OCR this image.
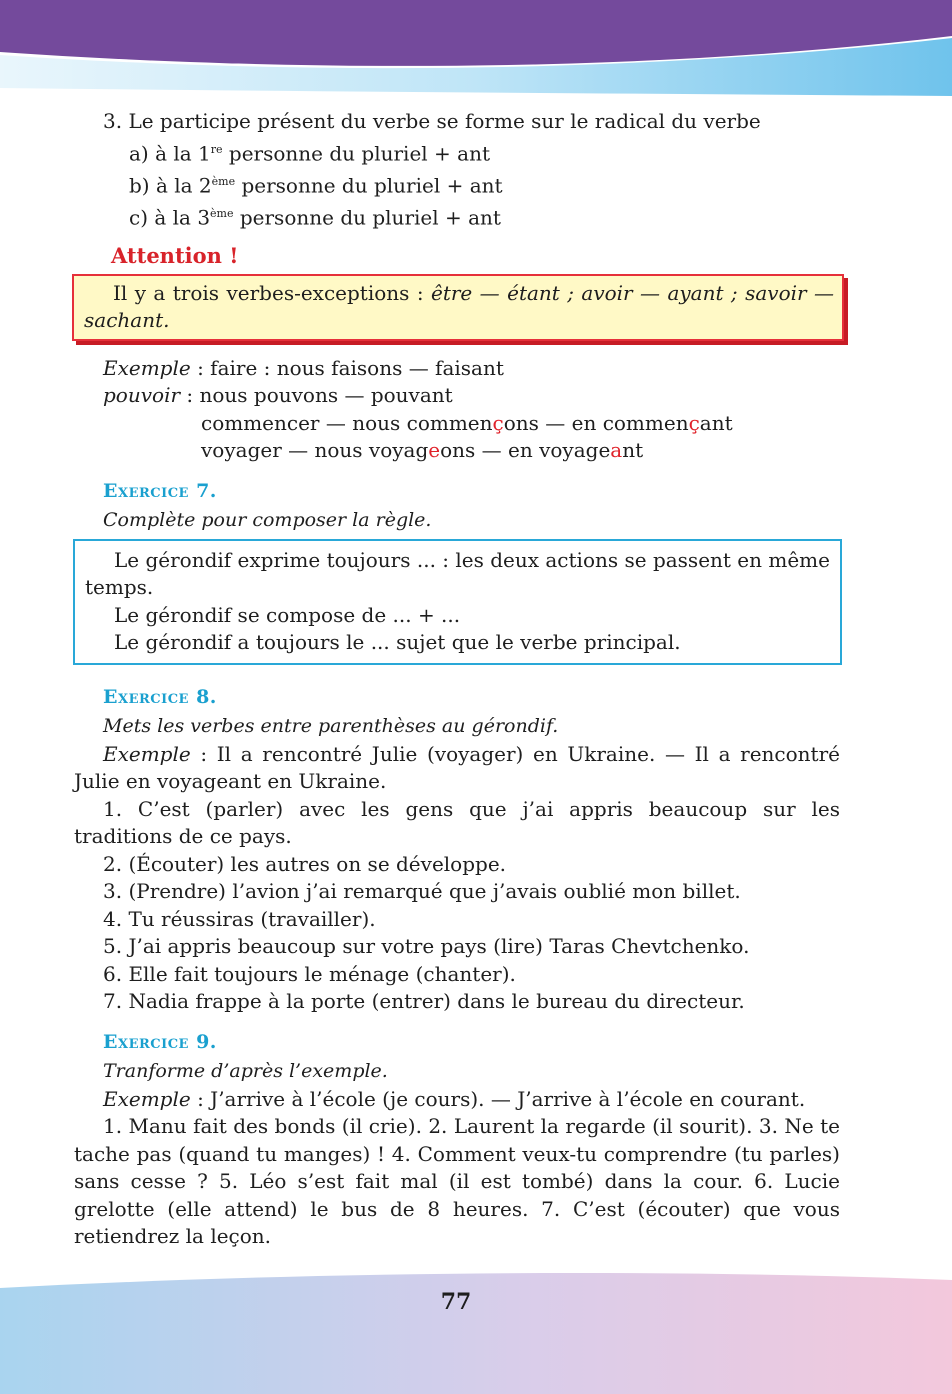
3. Le participe présent du verbe se forme sur le radical du verbe

a) à la 1re personne du pluriel + ant

b) à la 2ème personne du pluriel + ant

c) à la 3ème personne du pluriel + ant

Attention !

Il y a trois verbes-exceptions : être — étant ; avoir — ayant ; savoir — sachant.

Exemple : faire : nous faisons — faisant

pouvoir : nous pouvons — pouvant

commencer — nous commençons — en commençant

voyager — nous voyageons — en voyageant

Exercice 7.

Complète pour composer la règle.

Le gérondif exprime toujours ... : les deux actions se passent en même temps.

Le gérondif se compose de ... + ...

Le gérondif a toujours le ... sujet que le verbe principal.

Exercice 8.

Mets les verbes entre parenthèses au gérondif.

Exemple : Il a rencontré Julie (voyager) en Ukraine. — Il a rencontré Julie en voyageant en Ukraine.

1. C’est (parler) avec les gens que j’ai appris beaucoup sur les traditions de ce pays.

2. (Écouter) les autres on se développe.

3. (Prendre) l’avion j’ai remarqué que j’avais oublié mon billet.

4. Tu réussiras (travailler).

5. J’ai appris beaucoup sur votre pays (lire) Taras Chevtchenko.

6. Elle fait toujours le ménage (chanter).

7. Nadia frappe à la porte (entrer) dans le bureau du directeur.

Exercice 9.

Tranforme d’après l’exemple.

Exemple : J’arrive à l’école (je cours). — J’arrive à l’école en courant.

1. Manu fait des bonds (il crie). 2. Laurent la regarde (il sourit). 3. Ne te tache pas (quand tu manges) ! 4. Comment veux-tu comprendre (tu parles) sans cesse ? 5. Léo s’est fait mal (il est tombé) dans la cour. 6. Lucie grelotte (elle attend) le bus de 8 heures. 7. C’est (écouter) que vous retiendrez la leçon.

77
